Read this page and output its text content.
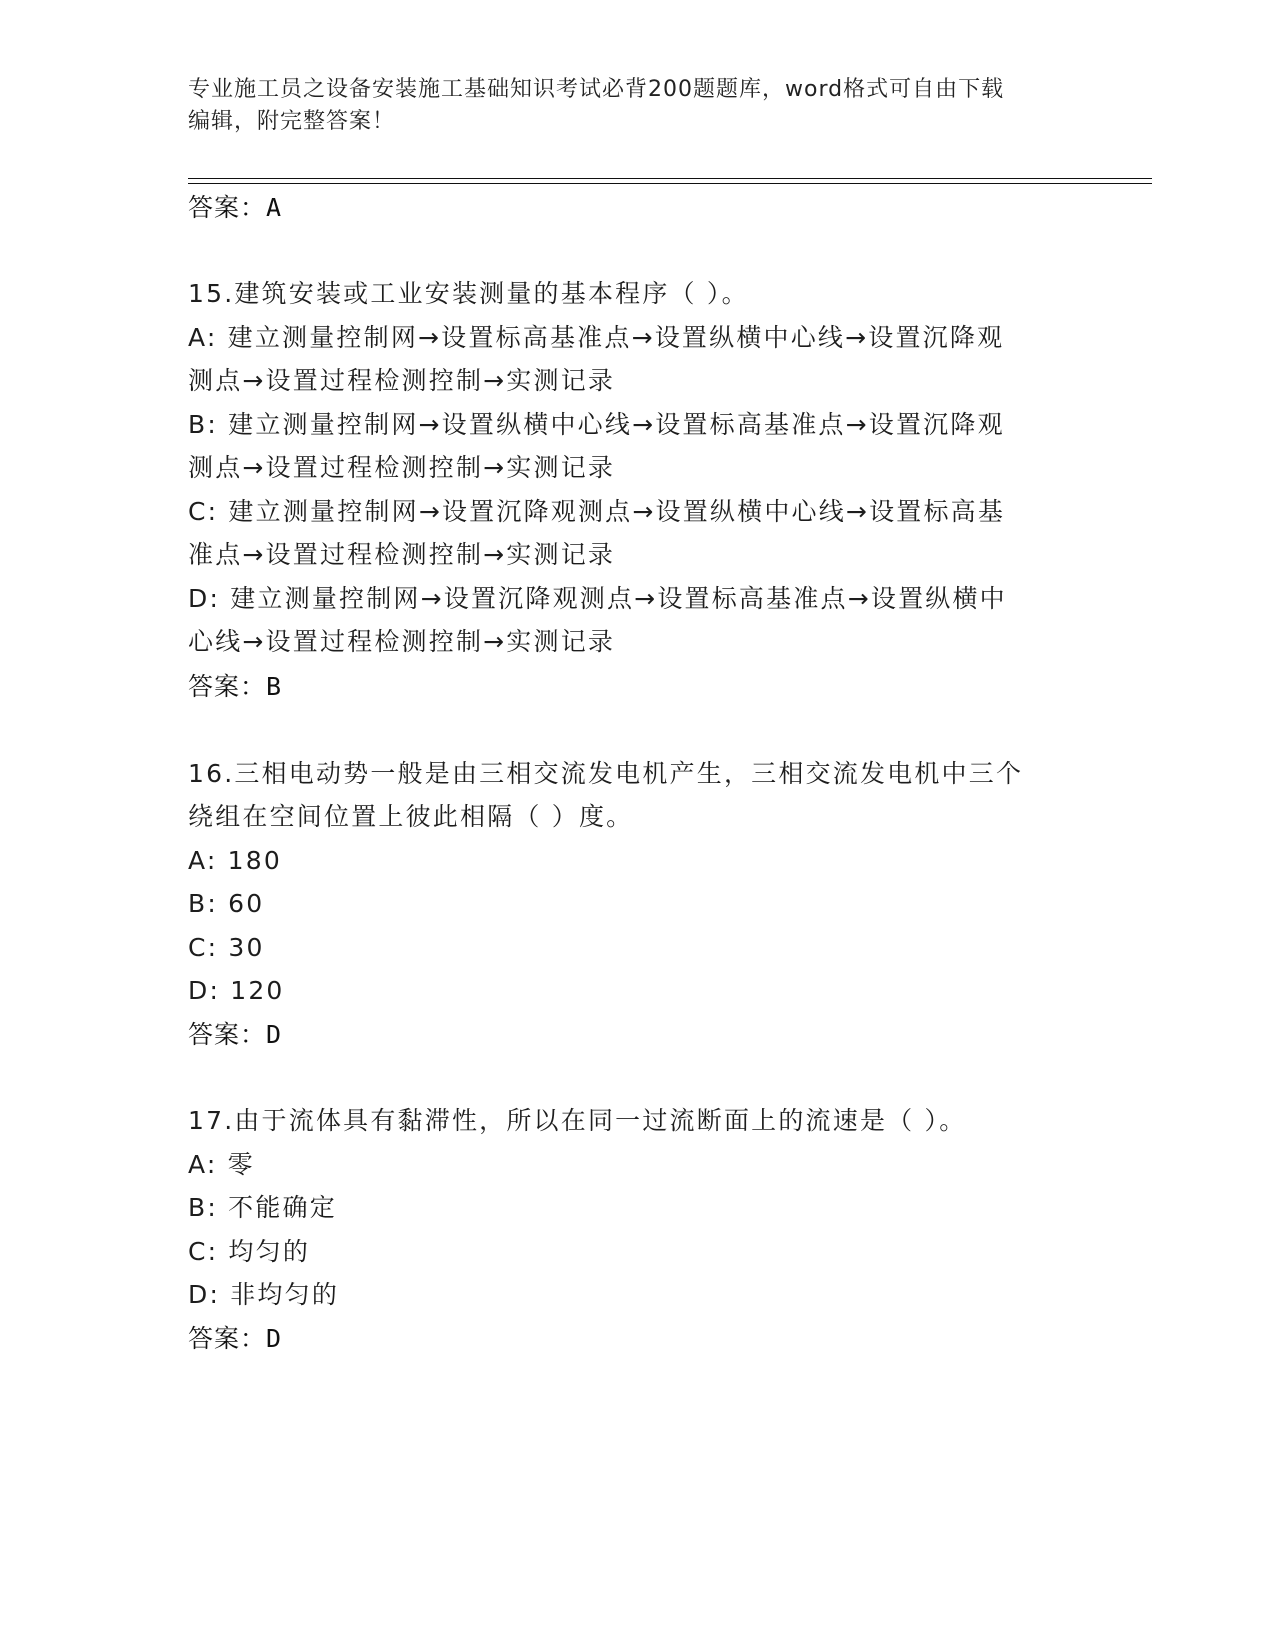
专业施工员之设备安装施工基础知识考试必背200题题库，word格式可自由下载
编辑，附完整答案！
答案：A
15.建筑安装或工业安装测量的基本程序（ ）。
A: 建立测量控制网→设置标高基准点→设置纵横中心线→设置沉降观
测点→设置过程检测控制→实测记录
B: 建立测量控制网→设置纵横中心线→设置标高基准点→设置沉降观
测点→设置过程检测控制→实测记录
C: 建立测量控制网→设置沉降观测点→设置纵横中心线→设置标高基
准点→设置过程检测控制→实测记录
D: 建立测量控制网→设置沉降观测点→设置标高基准点→设置纵横中
心线→设置过程检测控制→实测记录
答案：B
16.三相电动势一般是由三相交流发电机产生，三相交流发电机中三个
绕组在空间位置上彼此相隔（ ）度。
A: 180
B: 60
C: 30
D: 120
答案：D
17.由于流体具有黏滞性，所以在同一过流断面上的流速是（ ）。
A: 零
B: 不能确定
C: 均匀的
D: 非均匀的
答案：D
